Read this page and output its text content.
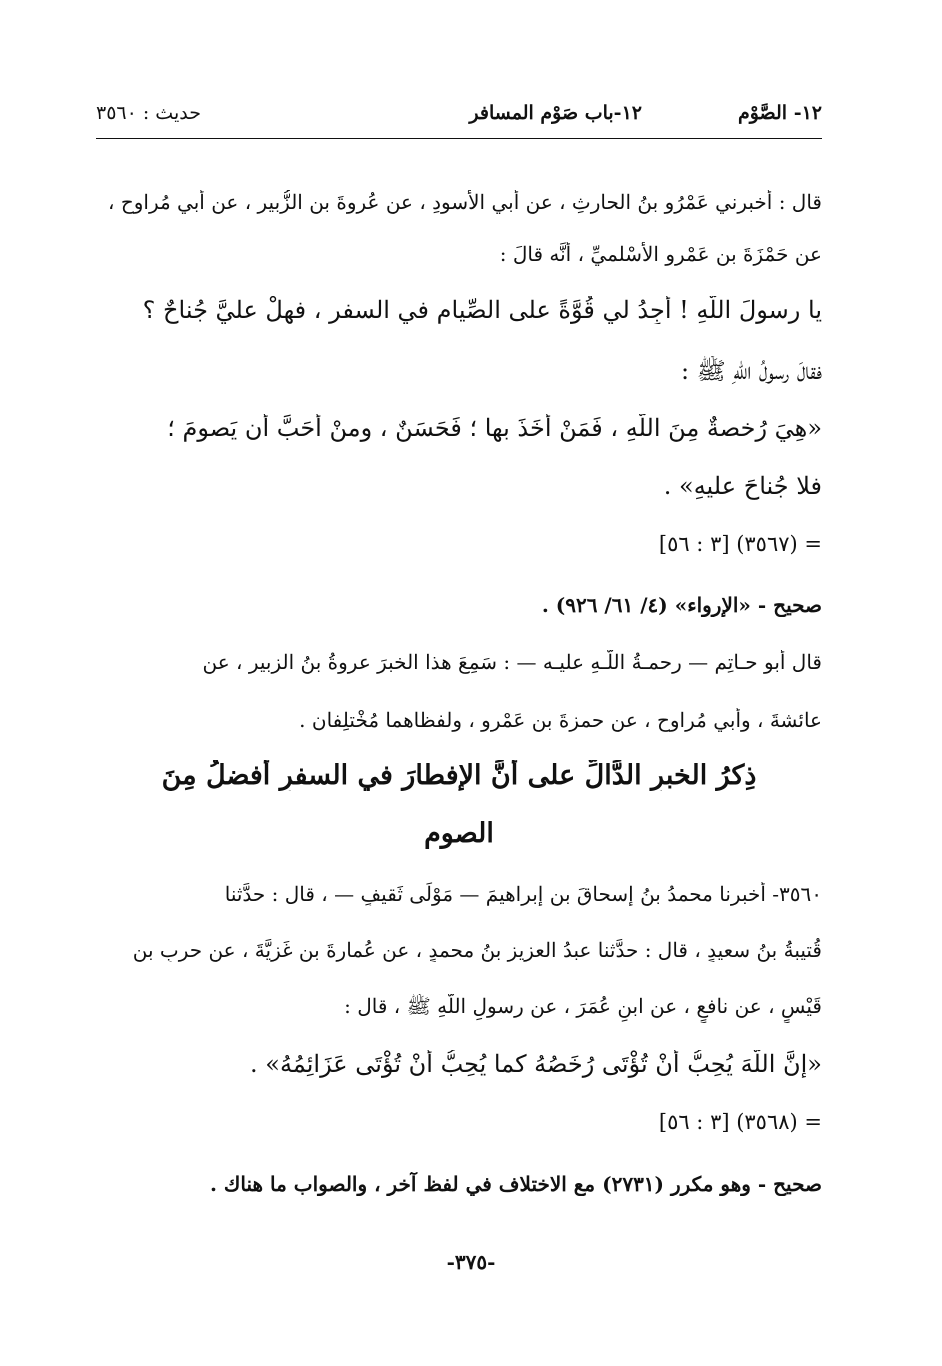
١٢- الصَّوْم
١٢-باب صَوْم المسافر
حديث : ٣٥٦٠
قال : أخبرني عَمْرُو بنُ الحارثِ ، عن أبي الأسودِ ، عن عُروةَ بنِ الزُّبيرِ ، عن أبي مُراوحٍ ،
عن حَمْزَةَ بنِ عَمْرٍو الأَسْلميِّ ، أنَّه قالَ :
يا رسولَ اللّهِ ! أَجِدُ لي قُوَّةً على الصِّيامِ في السفرِ ، فهلْ عليَّ جُناحٌ ؟
فقالَ رسولُ اللّهِ ﷺ :
«هِيَ رُخصةٌ مِنَ اللّهِ ، فَمَنْ أَخَذَ بها ؛ فَحَسَنٌ ، ومنْ أَحَبَّ أن يَصومَ ؛
فلا جُناحَ عليهِ» .
= (٣٥٦٧) [٣ : ٥٦]
صحيح - «الإرواء» (٤/ ٦١/ ٩٢٦) .
قال أبو حـاتِم — رحمـةُ اللّـهِ عليـه — : سَمِعَ هذا الخبرَ عروةُ بنُ الزبير ، عن
عائشةَ ، وأبي مُراوحٍ ، عن حمزةَ بن عَمْرٍو ، ولفظاهما مُخْتلِفان .
ذِكرُ الخبرِ الدَّالِّ على أنَّ الإفطارَ في السفرِ أفضلُ مِنَ
الصومِ
٣٥٦٠- أخبرنا محمدُ بنُ إسحاقَ بنِ إبراهيمَ — مَوْلَى ثَقيفٍ — ، قال : حدَّثنا
قُتيبةُ بنُ سعيدٍ ، قال : حدَّثنا عبدُ العزيزِ بنُ محمدٍ ، عن عُمارةَ بنِ غَزِيَّةَ ، عن حربِ بنِ
قَيْسٍ ، عن نافعٍ ، عن ابنِ عُمَرَ ، عن رسولِ اللّهِ ﷺ ، قال :
«إنَّ اللّهَ يُحِبُّ أنْ تُؤْتَى رُخَصُهُ كما يُحِبُّ أَنْ تُؤْتَى عَزَائِمُهُ» .
= (٣٥٦٨) [٣ : ٥٦]
صحيح - وهو مكرر (٢٧٣١) مع الاختلاف في لفظ آخر ، والصواب ما هناك .
-٣٧٥-
